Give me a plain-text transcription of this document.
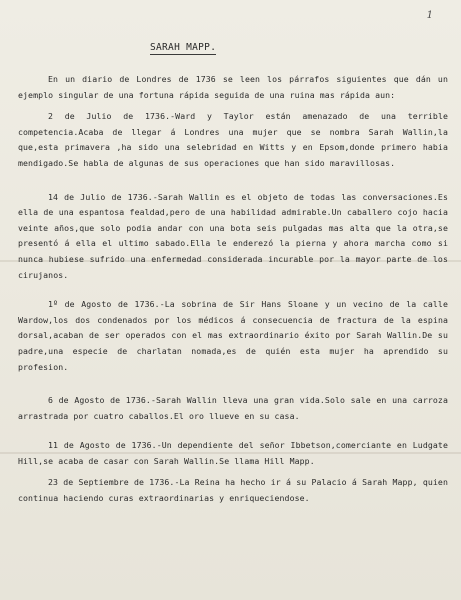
1
SARAH MAPP.

En un diario de Londres de 1736 se leen los párrafos siguientes que dán un ejemplo singular de una fortuna rápida seguida de una ruina mas rápida aun:

2 de Julio de 1736.-Ward y Taylor están amenazado de una terrible competencia.Acaba de llegar á Londres una mujer que se nombra Sarah Wallin,la que,esta primavera ,ha sido una selebridad en Witts y en Epsom,donde primero habia mendigado.Se habla de algunas de sus operaciones que han sido maravillosas.

14 de Julio de 1736.-Sarah Wallin es el objeto de todas las conversaciones.Es ella de una espantosa fealdad,pero de una habilidad admirable.Un caballero cojo hacia veinte años,que solo podia andar con una bota seis pulgadas mas alta que la otra,se presentó á ella el ultimo sabado.Ella le enderezó la pierna y ahora marcha como si nunca hubiese sufrido una enfermedad considerada incurable por la mayor parte de los cirujanos.

1º de Agosto de 1736.-La sobrina de Sir Hans Sloane y un vecino de la calle Wardow,los dos condenados por los médicos á consecuencia de fractura de la espina dorsal,acaban de ser operados con el mas extraordinario éxito por Sarah Wallin.De su padre,una especie de charlatan nomada,es de quién esta mujer ha aprendido su profesion.

6 de Agosto de 1736.-Sarah Wallin lleva una gran vida.Solo sale en una carroza arrastrada por cuatro caballos.El oro llueve en su casa.

11 de Agosto de 1736.-Un dependiente del señor Ibbetson,comerciante en Ludgate Hill,se acaba de casar con Sarah Wallin.Se llama Hill Mapp.

23 de Septiembre de 1736.-La Reina ha hecho ir á su Palacio á Sarah Mapp, quien continua haciendo curas extraordinarias y enriqueciendose.
